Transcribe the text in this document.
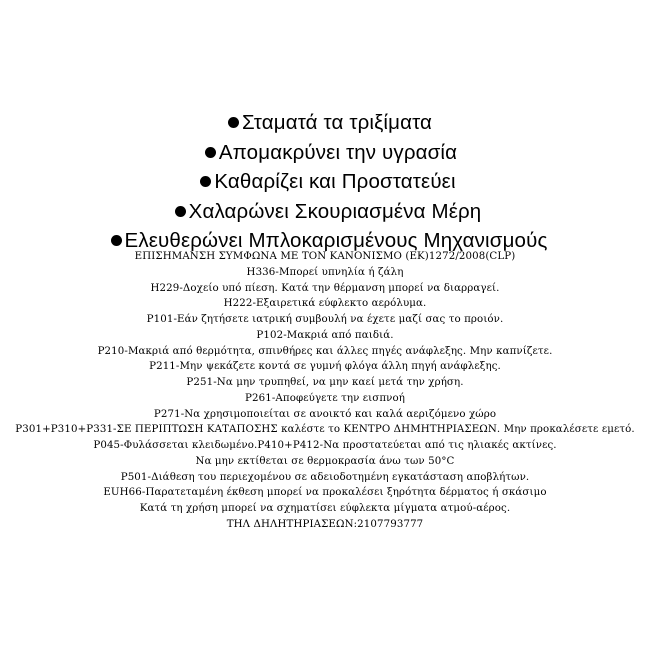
Σταματά τα τριξίματα
Απομακρύνει την υγρασία
Καθαρίζει και Προστατεύει
Χαλαρώνει Σκουριασμένα Μέρη
Ελευθερώνει Μπλοκαρισμένους Μηχανισμούς
ΕΠΙΣΗΜΑΝΣΗ ΣΥΜΦΩΝΑ ΜΕ ΤΟΝ ΚΑΝΟΝΙΣΜΟ (ΕΚ)1272/2008(CLP)
H336-Μπορεί υπνηλία ή ζάλη
H229-Δοχείο υπό πίεση. Κατά την θέρμανση μπορεί να διαρραγεί.
H222-Εξαιρετικά εύφλεκτο αερόλυμα.
P101-Εάν ζητήσετε ιατρική συμβουλή να έχετε μαζί σας το προιόν.
P102-Μακριά από παιδιά.
P210-Μακριά από θερμότητα, σπινθήρες και άλλες πηγές ανάφλεξης. Μην καπνίζετε.
P211-Μην ψεκάζετε κοντά σε γυμνή φλόγα άλλη πηγή ανάφλεξης.
P251-Να μην τρυπηθεί, να μην καεί μετά την χρήση.
P261-Αποφεύγετε την εισπνοή
P271-Να χρησιμοποιείται σε ανοικτό και καλά αεριζόμενο χώρο
P301+P310+P331-ΣΕ ΠΕΡΙΠΤΩΣΗ ΚΑΤΑΠΟΣΗΣ καλέστε το ΚΕΝΤΡΟ ΔΗΜΗΤΗΡΙΑΣΕΩΝ. Μην προκαλέσετε εμετό.
P045-Φυλάσσεται κλειδωμένο.P410+P412-Να προστατεύεται από τις ηλιακές ακτίνες.
Να μην εκτίθεται σε θερμοκρασία άνω των 50°C
P501-Διάθεση του περιεχομένου σε αδειοδοτημένη εγκατάσταση αποβλήτων.
EUH66-Παρατεταμένη έκθεση μπορεί να προκαλέσει ξηρότητα δέρματος ή σκάσιμο
Κατά τη χρήση μπορεί να σχηματίσει εύφλεκτα μίγματα ατμού-αέρος.
ΤΗΛ ΔΗΛΗΤΗΡΙΑΣΕΩΝ:2107793777
